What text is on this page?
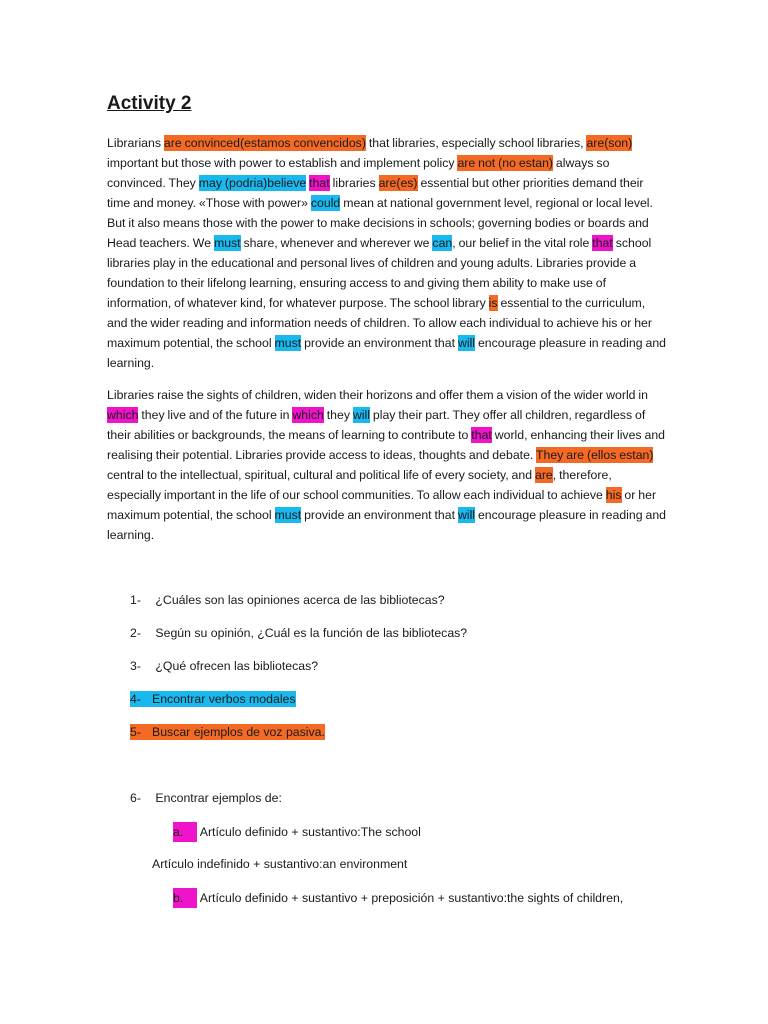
Activity 2

Librarians are convinced(estamos convencidos) that libraries, especially school libraries, are(son) important but those with power to establish and implement policy are not (no estan) always so convinced. They may (podria)believe that libraries are(es) essential but other priorities demand their time and money. «Those with power» could mean at national government level, regional or local level. But it also means those with the power to make decisions in schools; governing bodies or boards and Head teachers. We must share, whenever and wherever we can, our belief in the vital role that school libraries play in the educational and personal lives of children and young adults. Libraries provide a foundation to their lifelong learning, ensuring access to and giving them ability to make use of information, of whatever kind, for whatever purpose. The school library is essential to the curriculum, and the wider reading and information needs of children. To allow each individual to achieve his or her maximum potential, the school must provide an environment that will encourage pleasure in reading and learning.

Libraries raise the sights of children, widen their horizons and offer them a vision of the wider world in which they live and of the future in which they will play their part. They offer all children, regardless of their abilities or backgrounds, the means of learning to contribute to that world, enhancing their lives and realising their potential. Libraries provide access to ideas, thoughts and debate. They are (ellos estan) central to the intellectual, spiritual, cultural and political life of every society, and are, therefore, especially important in the life of our school communities. To allow each individual to achieve his or her maximum potential, the school must provide an environment that will encourage pleasure in reading and learning.

1- ¿Cuáles son las opiniones acerca de las bibliotecas?
2- Según su opinión, ¿Cuál es la función de las bibliotecas?
3- ¿Qué ofrecen las bibliotecas?
4- Encontrar verbos modales
5- Buscar ejemplos de voz pasiva.
6- Encontrar ejemplos de:
a. Artículo definido + sustantivo:The school
Artículo indefinido + sustantivo:an environment
b. Artículo definido + sustantivo + preposición + sustantivo:the sights of children,
